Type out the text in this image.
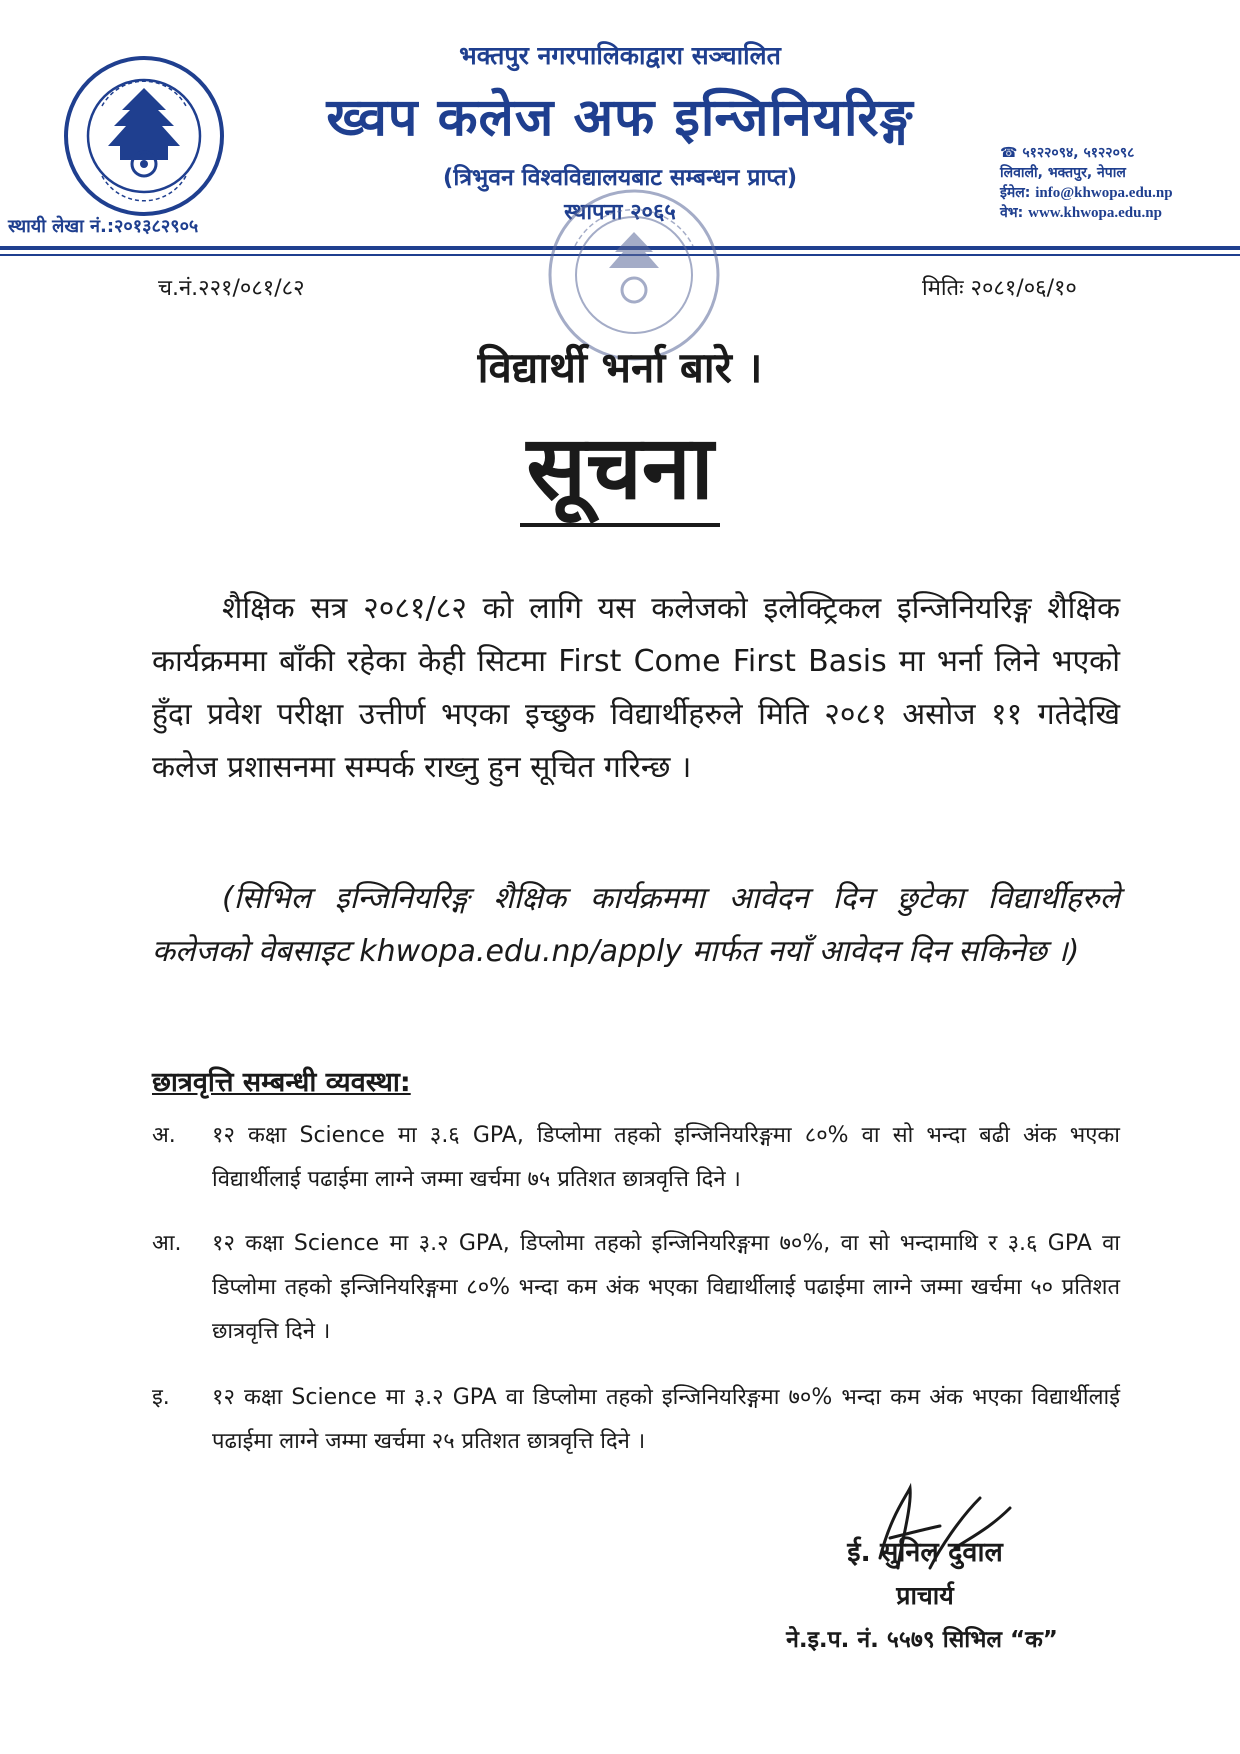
भक्तपुर नगरपालिकाद्वारा सञ्चालित
ख्वप कलेज अफ इन्जिनियरिङ्ग
(त्रिभुवन विश्वविद्यालयबाट सम्बन्धन प्राप्त)
स्थापना २०६५
स्थायी लेखा नं.:२०१३८२९०५
☎ ५१२२०९४, ५१२२०९८
लिवाली, भक्तपुर, नेपाल
ईमेल: info@khwopa.edu.np
वेभ: www.khwopa.edu.np
च.नं.२२१/०८१/८२	मितिः २०८१/०६/१०
विद्यार्थी भर्ना बारे ।
सूचना
शैक्षिक सत्र २०८१/८२ को लागि यस कलेजको इलेक्ट्रिकल इन्जिनियरिङ्ग शैक्षिक कार्यक्रममा बाँकी रहेका केही सिटमा First Come First Basis मा भर्ना लिने भएको हुँदा प्रवेश परीक्षा उत्तीर्ण भएका इच्छुक विद्यार्थीहरुले मिति २०८१ असोज ११ गतेदेखि कलेज प्रशासनमा सम्पर्क राख्नु हुन सूचित गरिन्छ ।
(सिभिल इन्जिनियरिङ्ग शैक्षिक कार्यक्रममा आवेदन दिन छुटेका विद्यार्थीहरुले कलेजको वेबसाइट khwopa.edu.np/apply मार्फत नयाँ आवेदन दिन सकिनेछ ।)
छात्रवृत्ति सम्बन्धी व्यवस्था:
अ. १२ कक्षा Science मा ३.६ GPA, डिप्लोमा तहको इन्जिनियरिङ्गमा ८०% वा सो भन्दा बढी अंक भएका विद्यार्थीलाई पढाईमा लाग्ने जम्मा खर्चमा ७५ प्रतिशत छात्रवृत्ति दिने ।
आ. १२ कक्षा Science मा ३.२ GPA, डिप्लोमा तहको इन्जिनियरिङ्गमा ७०%, वा सो भन्दामाथि र ३.६ GPA वा डिप्लोमा तहको इन्जिनियरिङ्गमा ८०% भन्दा कम अंक भएका विद्यार्थीलाई पढाईमा लाग्ने जम्मा खर्चमा ५० प्रतिशत छात्रवृत्ति दिने ।
इ. १२ कक्षा Science मा ३.२ GPA वा डिप्लोमा तहको इन्जिनियरिङ्गमा ७०% भन्दा कम अंक भएका विद्यार्थीलाई पढाईमा लाग्ने जम्मा खर्चमा २५ प्रतिशत छात्रवृत्ति दिने ।
ई. सुनिल दुवाल
प्राचार्य
ने.इ.प. नं. ५५७९ सिभिल “क”
